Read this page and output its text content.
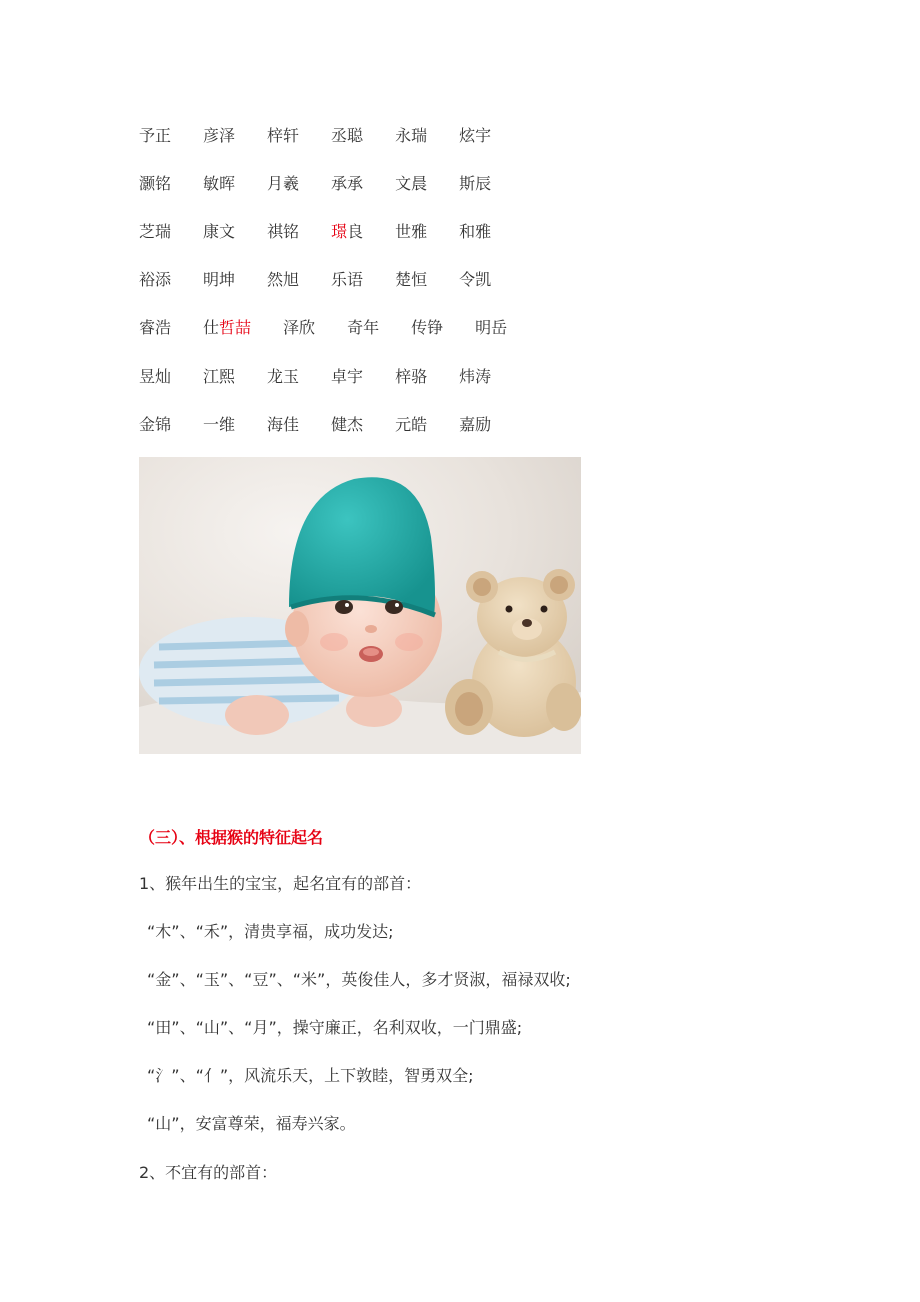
予正 彦泽 梓轩 丞聪 永瑞 炫宇
灏铭 敏晖 月羲 承承 文晨 斯辰
芝瑞 康文 祺铭 璟良 世雅 和雅
裕添 明坤 然旭 乐语 楚恒 令凯
睿浩 仕哲喆 泽欣 奇年 传铮 明岳
昱灿 江熙 龙玉 卓宇 梓骆 炜涛
金锦 一维 海佳 健杰 元皓 嘉励
（三）、根据猴的特征起名
1、猴年出生的宝宝，起名宜有的部首：
“木”、“禾”，清贵享福，成功发达;
“金”、“玉”、“豆”、“米”，英俊佳人，多才贤淑，福禄双收;
“田”、“山”、“月”，操守廉正，名利双收，一门鼎盛;
“氵”、“亻”，风流乐天，上下敦睦，智勇双全;
“山”，安富尊荣，福寿兴家。
2、不宜有的部首：
